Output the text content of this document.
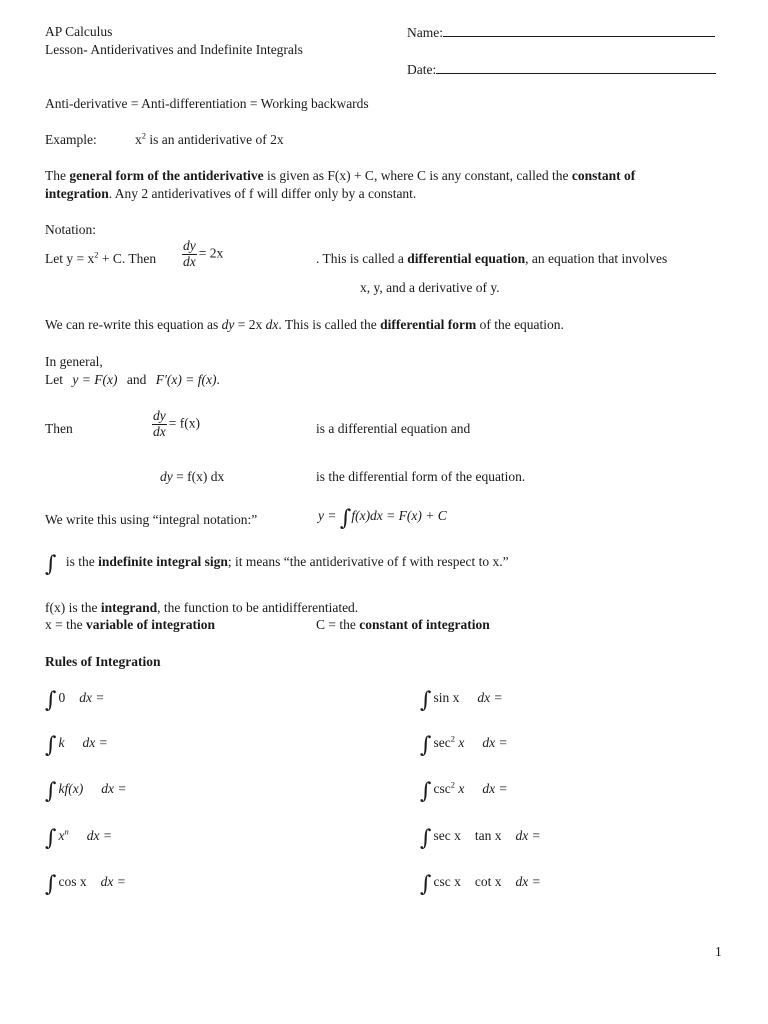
AP Calculus
Lesson- Antiderivatives and Indefinite Integrals
Name:
Date:
Anti-derivative = Anti-differentiation = Working backwards
Example:	$x^2$ is an antiderivative of 2x
The general form of the antiderivative is given as F(x) + C, where C is any constant, called the constant of
integration. Any 2 antiderivatives of f will differ only by a constant.
Notation:
Let $y = x^2 + C$. Then $\frac{dy}{dx} = 2x$	. This is called a differential equation, an equation that involves
x, y, and a derivative of y.
We can re-write this equation as dy = 2x dx. This is called the differential form of the equation.
In general,
Let y = F(x) and F′(x) = f(x).
Then	$\frac{dy}{dx} = f(x)$	is a differential equation and
dy = f(x) dx	is the differential form of the equation.
We write this using “integral notation:”	y = ∫f(x)dx = F(x) + C
∫ is the indefinite integral sign; it means “the antiderivative of f with respect to x.”
f(x) is the integrand, the function to be antidifferentiated.
x = the variable of integration	C = the constant of integration
Rules of Integration
∫ 0 dx =
∫ k dx =
∫ kf(x) dx =
∫ $x^n$ dx =
∫ cos x dx =
∫ sin x dx =
∫ $\sec^2 x$ dx =
∫ $\csc^2 x$ dx =
∫ sec x tan x dx =
∫ csc x cot x dx =
1
